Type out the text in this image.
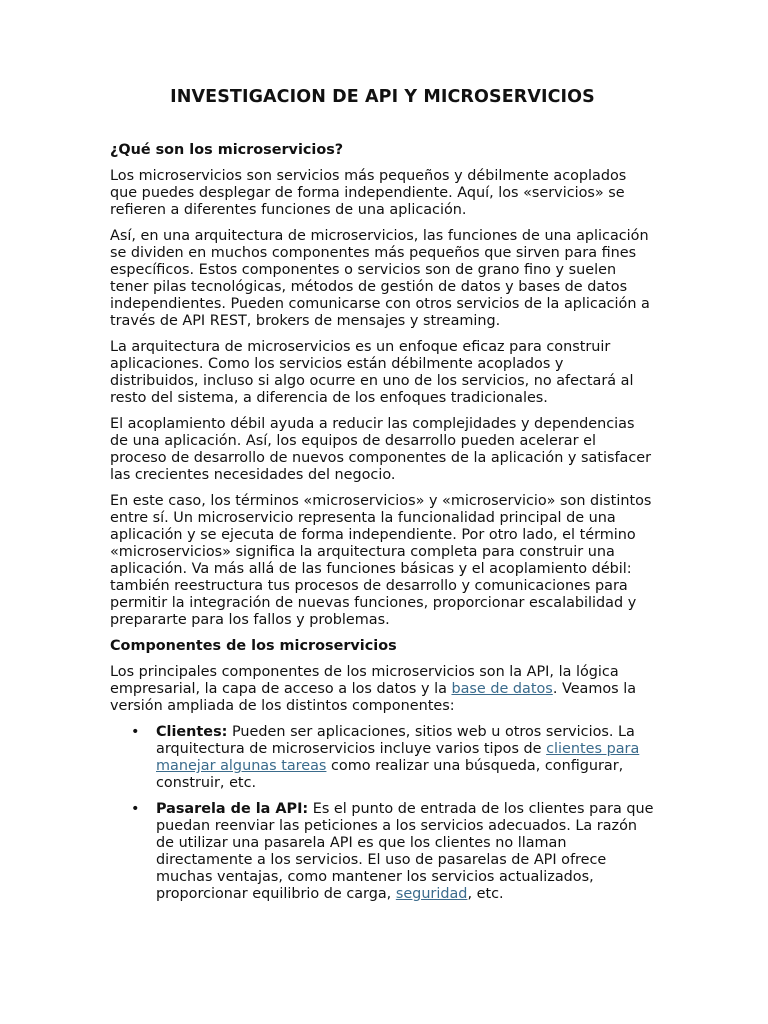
INVESTIGACION DE API Y MICROSERVICIOS
¿Qué son los microservicios?

Los microservicios son servicios más pequeños y débilmente acoplados que puedes desplegar de forma independiente. Aquí, los «servicios» se refieren a diferentes funciones de una aplicación.

Así, en una arquitectura de microservicios, las funciones de una aplicación se dividen en muchos componentes más pequeños que sirven para fines específicos. Estos componentes o servicios son de grano fino y suelen tener pilas tecnológicas, métodos de gestión de datos y bases de datos independientes. Pueden comunicarse con otros servicios de la aplicación a través de API REST, brokers de mensajes y streaming.

La arquitectura de microservicios es un enfoque eficaz para construir aplicaciones. Como los servicios están débilmente acoplados y distribuidos, incluso si algo ocurre en uno de los servicios, no afectará al resto del sistema, a diferencia de los enfoques tradicionales.

El acoplamiento débil ayuda a reducir las complejidades y dependencias de una aplicación. Así, los equipos de desarrollo pueden acelerar el proceso de desarrollo de nuevos componentes de la aplicación y satisfacer las crecientes necesidades del negocio.

En este caso, los términos «microservicios» y «microservicio» son distintos entre sí. Un microservicio representa la funcionalidad principal de una aplicación y se ejecuta de forma independiente. Por otro lado, el término «microservicios» significa la arquitectura completa para construir una aplicación. Va más allá de las funciones básicas y el acoplamiento débil: también reestructura tus procesos de desarrollo y comunicaciones para permitir la integración de nuevas funciones, proporcionar escalabilidad y prepararte para los fallos y problemas.

Componentes de los microservicios

Los principales componentes de los microservicios son la API, la lógica empresarial, la capa de acceso a los datos y la base de datos. Veamos la versión ampliada de los distintos componentes:

• Clientes: Pueden ser aplicaciones, sitios web u otros servicios. La arquitectura de microservicios incluye varios tipos de clientes para manejar algunas tareas como realizar una búsqueda, configurar, construir, etc.
• Pasarela de la API: Es el punto de entrada de los clientes para que puedan reenviar las peticiones a los servicios adecuados. La razón de utilizar una pasarela API es que los clientes no llaman directamente a los servicios. El uso de pasarelas de API ofrece muchas ventajas, como mantener los servicios actualizados, proporcionar equilibrio de carga, seguridad, etc.
